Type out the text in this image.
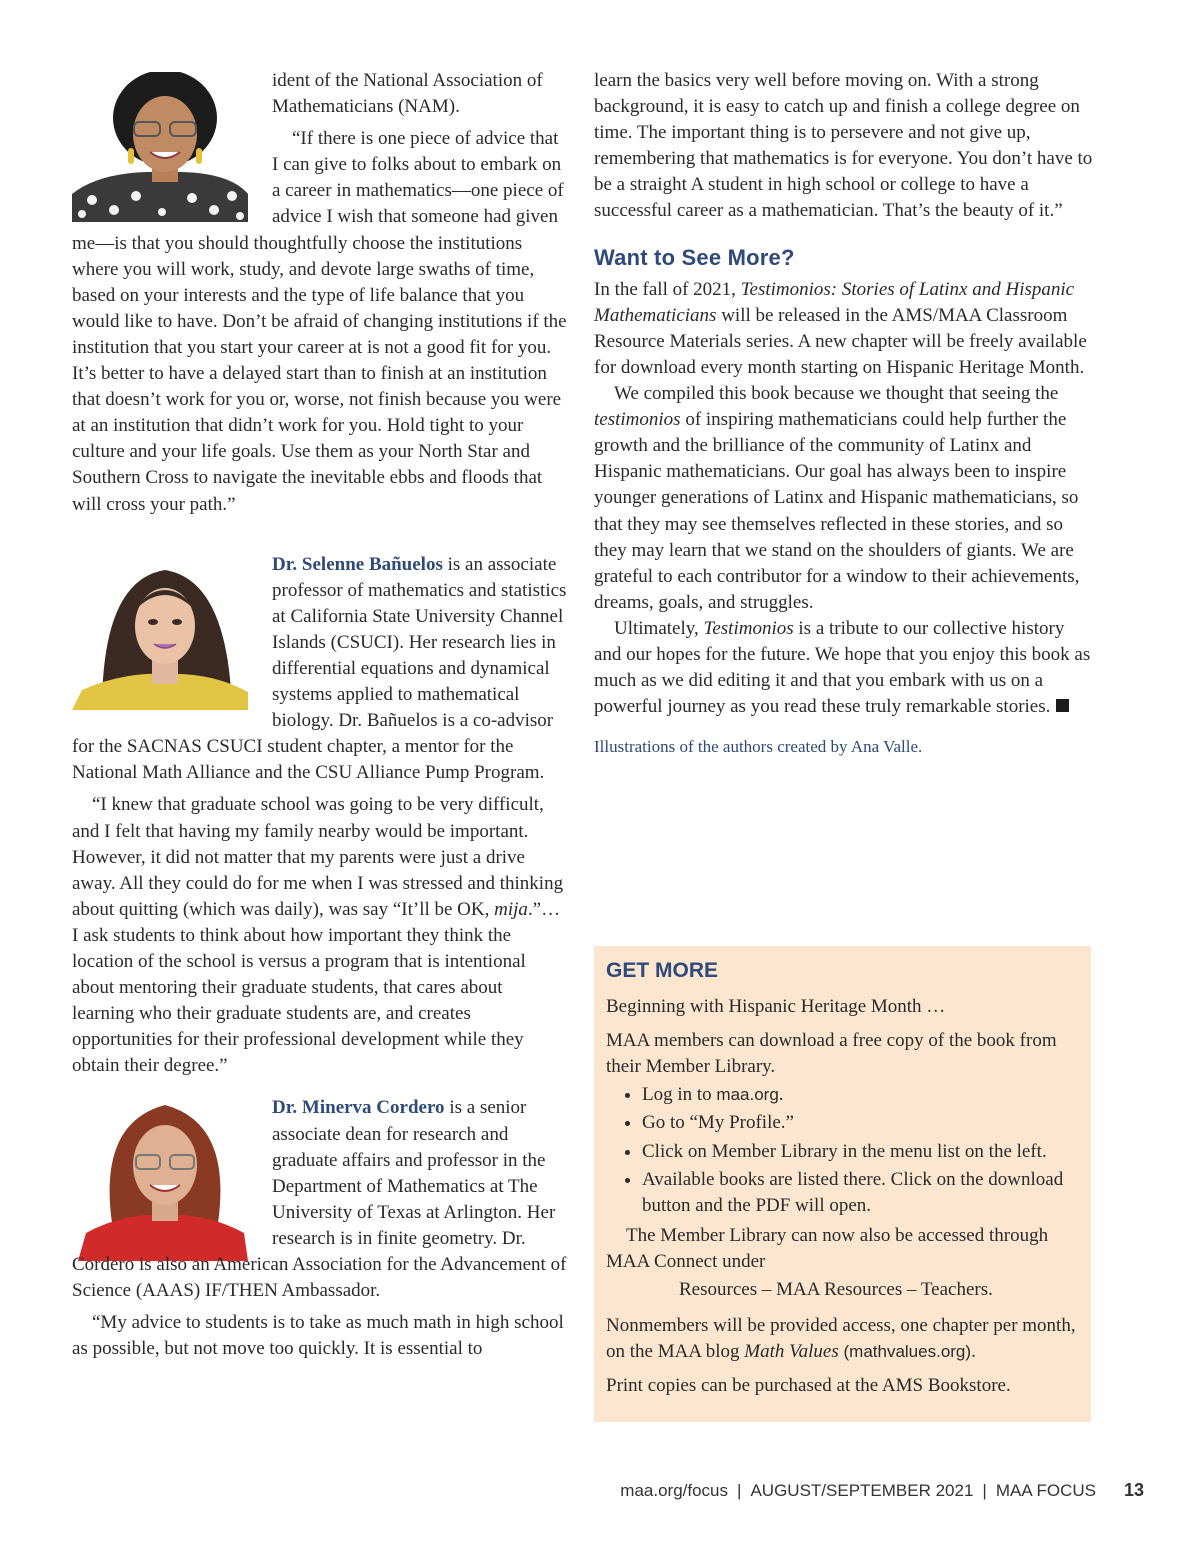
ident of the National Association of Mathematicians (NAM).

“If there is one piece of advice that I can give to folks about to embark on a career in mathematics—one piece of advice I wish that someone had given me—is that you should thoughtfully choose the institutions where you will work, study, and devote large swaths of time, based on your interests and the type of life balance that you would like to have. Don’t be afraid of changing institutions if the institution that you start your career at is not a good fit for you. It’s better to have a delayed start than to finish at an institution that doesn’t work for you or, worse, not finish because you were at an institution that didn’t work for you. Hold tight to your culture and your life goals. Use them as your North Star and Southern Cross to navigate the inevitable ebbs and floods that will cross your path.”

Dr. Selenne Bañuelos is an associate professor of mathematics and statistics at California State University Channel Islands (CSUCI). Her research lies in differential equations and dynamical systems applied to mathematical biology. Dr. Bañuelos is a co-advisor for the SACNAS CSUCI student chapter, a mentor for the National Math Alliance and the CSU Alliance Pump Program.

“I knew that graduate school was going to be very difficult, and I felt that having my family nearby would be important. However, it did not matter that my parents were just a drive away. All they could do for me when I was stressed and thinking about quitting (which was daily), was say “It’ll be OK, mija.”… I ask students to think about how important they think the location of the school is versus a program that is intentional about mentoring their graduate students, that cares about learning who their graduate students are, and creates opportunities for their professional development while they obtain their degree.”

Dr. Minerva Cordero is a senior associate dean for research and graduate affairs and professor in the Department of Mathematics at The University of Texas at Arlington. Her research is in finite geometry. Dr. Cordero is also an American Association for the Advancement of Science (AAAS) IF/THEN Ambassador.

“My advice to students is to take as much math in high school as possible, but not move too quickly. It is essential to

learn the basics very well before moving on. With a strong background, it is easy to catch up and finish a college degree on time. The important thing is to persevere and not give up, remembering that mathematics is for everyone. You don’t have to be a straight A student in high school or college to have a successful career as a mathematician. That’s the beauty of it.”

Want to See More?

In the fall of 2021, Testimonios: Stories of Latinx and Hispanic Mathematicians will be released in the AMS/MAA Classroom Resource Materials series. A new chapter will be freely available for download every month starting on Hispanic Heritage Month.

We compiled this book because we thought that seeing the testimonios of inspiring mathematicians could help further the growth and the brilliance of the community of Latinx and Hispanic mathematicians. Our goal has always been to inspire younger generations of Latinx and Hispanic mathematicians, so that they may see themselves reflected in these stories, and so they may learn that we stand on the shoulders of giants. We are grateful to each contributor for a window to their achievements, dreams, goals, and struggles.

Ultimately, Testimonios is a tribute to our collective history and our hopes for the future. We hope that you enjoy this book as much as we did editing it and that you embark with us on a powerful journey as you read these truly remarkable stories.

Illustrations of the authors created by Ana Valle.

GET MORE

Beginning with Hispanic Heritage Month …

MAA members can download a free copy of the book from their Member Library.

• Log in to maa.org.
• Go to “My Profile.”
• Click on Member Library in the menu list on the left.
• Available books are listed there. Click on the download button and the PDF will open.

The Member Library can now also be accessed through MAA Connect under

Resources – MAA Resources – Teachers.

Nonmembers will be provided access, one chapter per month, on the MAA blog Math Values (mathvalues.org).

Print copies can be purchased at the AMS Bookstore.

maa.org/focus | AUGUST/SEPTEMBER 2021 | MAA FOCUS 13
